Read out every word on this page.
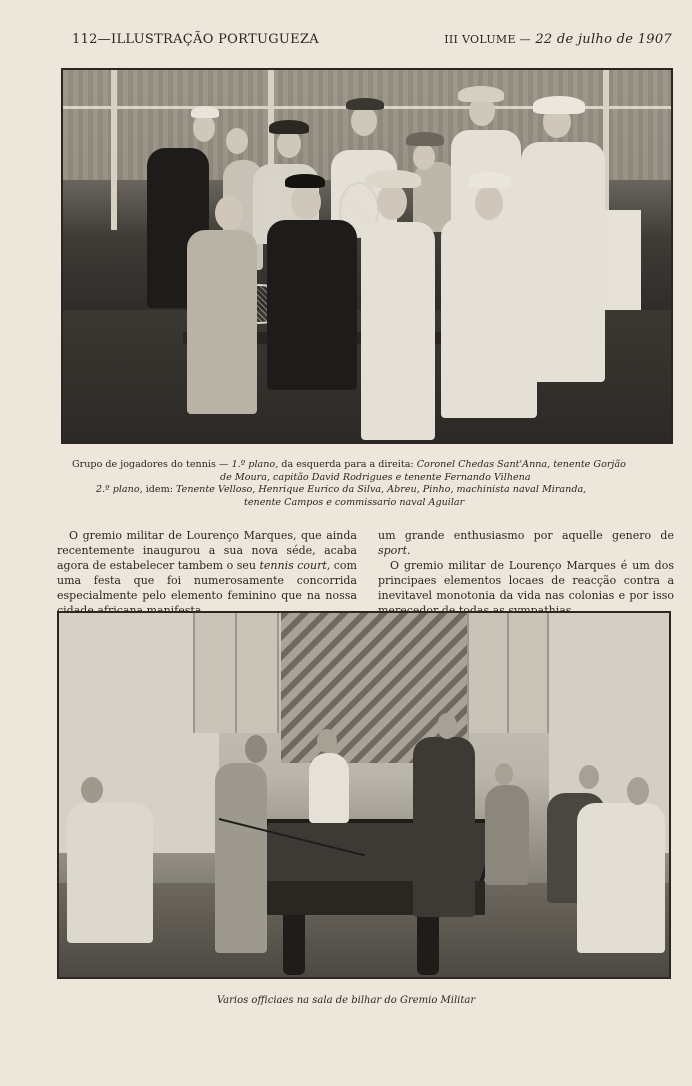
112—ILLUSTRAÇÃO PORTUGUEZA	III VOLUME — 22 de julho de 1907
Grupo de jogadores do tennis — 1.º plano, da esquerda para a direita: Coronel Chedas Sant'Anna, tenente Gorjão
de Moura, capitão David Rodrigues e tenente Fernando Vilhena
2.º plano, idem: Tenente Velloso, Henrique Eurico da Silva, Abreu, Pinho, machinista naval Miranda,
tenente Campos e commissario naval Aguilar

O gremio militar de Lourenço Marques, que ainda recentemente inaugurou a sua nova séde, acaba agora de estabelecer tambem o seu tennis court, com uma festa que foi numerosamente concorrida especialmente pelo elemento feminino que na nossa

um grande enthusiasmo por aquelle genero de sport.

O gremio militar de Lourenço Marques é um dos principaes elementos locaes de reacção contra a inevitavel monotonia da vida nas colonias e por isso

Varios officiaes na sala de bilhar do Gremio Militar
